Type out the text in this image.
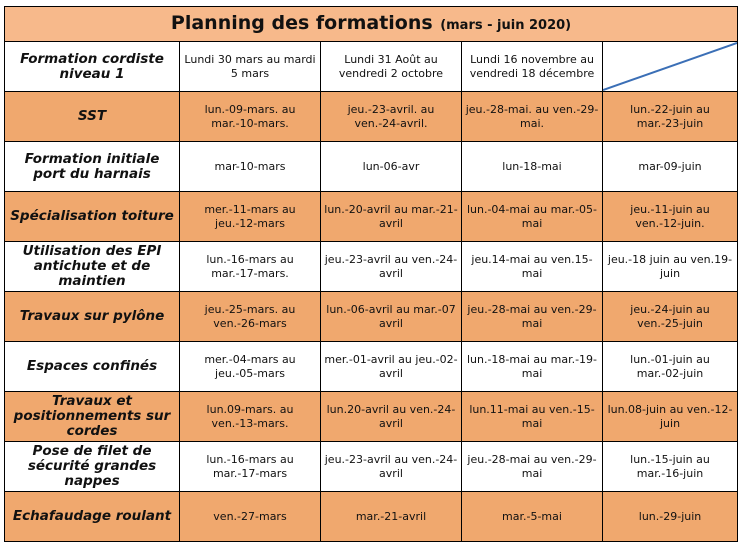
Planning des formations (mars - juin 2020)				
Formation cordiste niveau 1	Lundi 30 mars au mardi 5 mars	Lundi 31 Août au vendredi 2 octobre	Lundi 16 novembre au vendredi 18 décembre	

SST	lun.-09-mars. au mar.-10-mars.	jeu.-23-avril. au ven.-24-avril.	jeu.-28-mai. au ven.-29-mai.	lun.-22-juin au mar.-23-juin
Formation initiale port du harnais	mar-10-mars	lun-06-avr	lun-18-mai	mar-09-juin
Spécialisation toiture	mer.-11-mars au jeu.-12-mars	lun.-20-avril au mar.-21-avril	lun.-04-mai au mar.-05-mai	jeu.-11-juin au ven.-12-juin.
Utilisation des EPI antichute et de maintien	lun.-16-mars au mar.-17-mars.	jeu.-23-avril au ven.-24-avril	jeu.14-mai au ven.15-mai	jeu.-18 juin au ven.19-juin
Travaux sur pylône	jeu.-25-mars. au ven.-26-mars	lun.-06-avril au mar.-07 avril	jeu.-28-mai au ven.-29-mai	jeu.-24-juin au ven.-25-juin
Espaces confinés	mer.-04-mars au jeu.-05-mars	mer.-01-avril au jeu.-02-avril	lun.-18-mai au mar.-19-mai	lun.-01-juin au mar.-02-juin
Travaux et positionnements sur cordes	lun.09-mars. au ven.-13-mars.	lun.20-avril au ven.-24-avril	lun.11-mai au ven.-15-mai	lun.08-juin au ven.-12-juin
Pose de filet de sécurité grandes nappes	lun.-16-mars au mar.-17-mars	jeu.-23-avril au ven.-24-avril	jeu.-28-mai au ven.-29-mai	lun.-15-juin au mar.-16-juin
Echafaudage roulant	ven.-27-mars	mar.-21-avril	mar.-5-mai	lun.-29-juin
